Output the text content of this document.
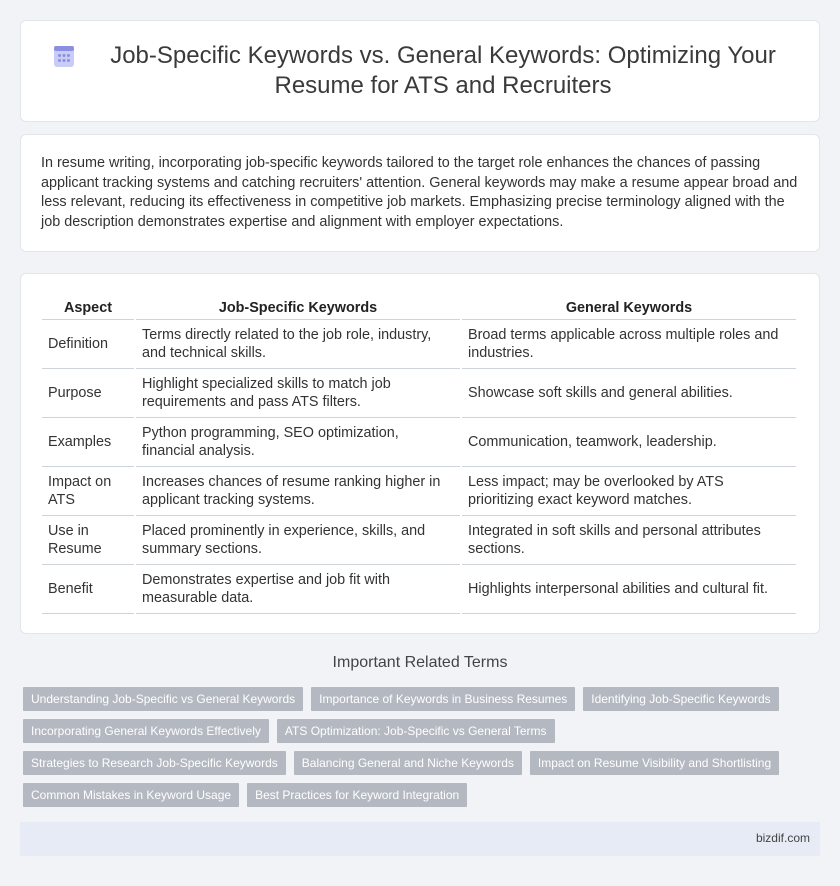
Job-Specific Keywords vs. General Keywords: Optimizing Your Resume for ATS and Recruiters

In resume writing, incorporating job-specific keywords tailored to the target role enhances the chances of passing applicant tracking systems and catching recruiters' attention. General keywords may make a resume appear broad and less relevant, reducing its effectiveness in competitive job markets. Emphasizing precise terminology aligned with the job description demonstrates expertise and alignment with employer expectations.

Aspect	Job-Specific Keywords	General Keywords
Definition	Terms directly related to the job role, industry, and technical skills.	Broad terms applicable across multiple roles and industries.
Purpose	Highlight specialized skills to match job requirements and pass ATS filters.	Showcase soft skills and general abilities.
Examples	Python programming, SEO optimization, financial analysis.	Communication, teamwork, leadership.
Impact on ATS	Increases chances of resume ranking higher in applicant tracking systems.	Less impact; may be overlooked by ATS prioritizing exact keyword matches.
Use in Resume	Placed prominently in experience, skills, and summary sections.	Integrated in soft skills and personal attributes sections.
Benefit	Demonstrates expertise and job fit with measurable data.	Highlights interpersonal abilities and cultural fit.
Important Related Terms
Understanding Job-Specific vs General Keywords	Importance of Keywords in Business Resumes	Identifying Job-Specific Keywords
Incorporating General Keywords Effectively	ATS Optimization: Job-Specific vs General Terms
Strategies to Research Job-Specific Keywords	Balancing General and Niche Keywords	Impact on Resume Visibility and Shortlisting
Common Mistakes in Keyword Usage	Best Practices for Keyword Integration
bizdif.com
